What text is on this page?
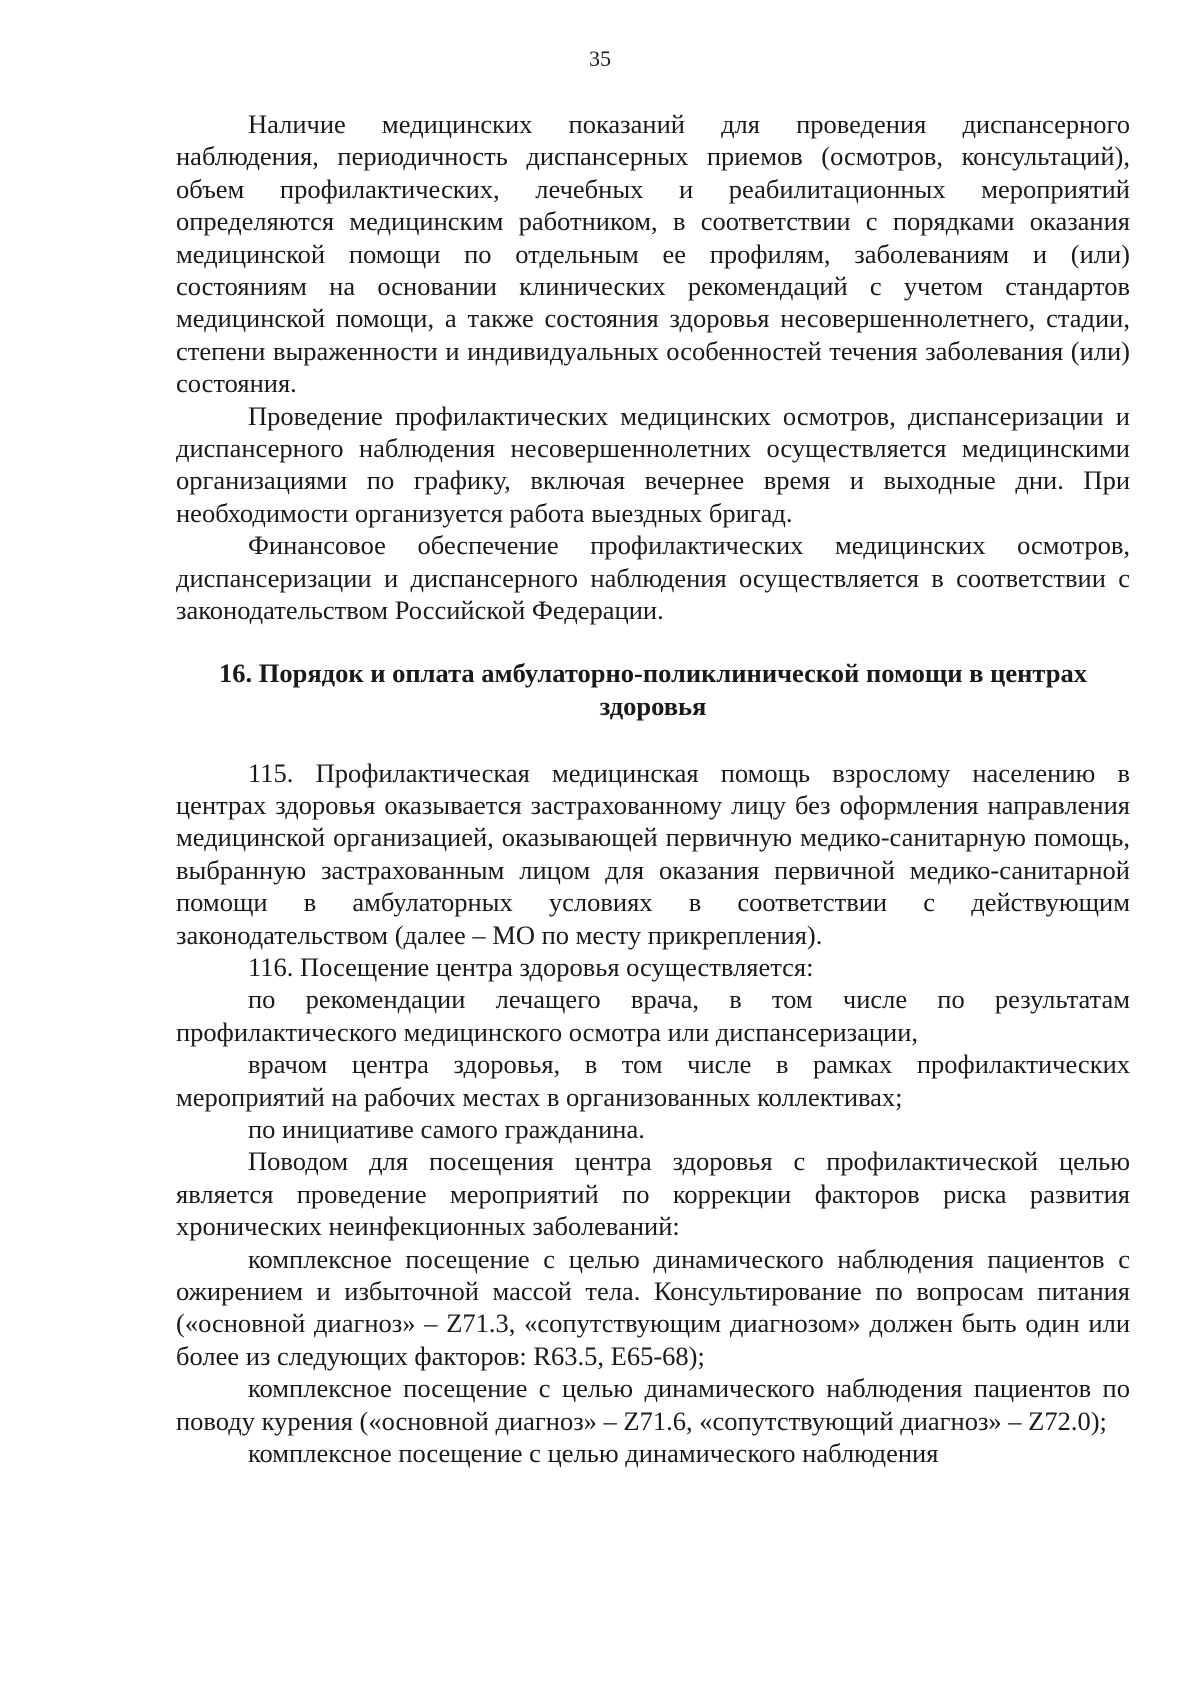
35

Наличие медицинских показаний для проведения диспансерного наблюдения, периодичность диспансерных приемов (осмотров, консультаций), объем профилактических, лечебных и реабилитационных мероприятий определяются медицинским работником, в соответствии с порядками оказания медицинской помощи по отдельным ее профилям, заболеваниям и (или) состояниям на основании клинических рекомендаций с учетом стандартов медицинской помощи, а также состояния здоровья несовершеннолетнего, стадии, степени выраженности и индивидуальных особенностей течения заболевания (или) состояния.

Проведение профилактических медицинских осмотров, диспансеризации и диспансерного наблюдения несовершеннолетних осуществляется медицинскими организациями по графику, включая вечернее время и выходные дни. При необходимости организуется работа выездных бригад.

Финансовое обеспечение профилактических медицинских осмотров, диспансеризации и диспансерного наблюдения осуществляется в соответствии с законодательством Российской Федерации.

16. Порядок и оплата амбулаторно-поликлинической помощи в центрах
здоровья

115. Профилактическая медицинская помощь взрослому населению в центрах здоровья оказывается застрахованному лицу без оформления направления медицинской организацией, оказывающей первичную медико-санитарную помощь, выбранную застрахованным лицом для оказания первичной медико-санитарной помощи в амбулаторных условиях в соответствии с действующим законодательством (далее – МО по месту прикрепления).

116. Посещение центра здоровья осуществляется:

по рекомендации лечащего врача, в том числе по результатам профилактического медицинского осмотра или диспансеризации,

врачом центра здоровья, в том числе в рамках профилактических мероприятий на рабочих местах в организованных коллективах;

по инициативе самого гражданина.

Поводом для посещения центра здоровья с профилактической целью является проведение мероприятий по коррекции факторов риска развития хронических неинфекционных заболеваний:

комплексное посещение с целью динамического наблюдения пациентов с ожирением и избыточной массой тела. Консультирование по вопросам питания («основной диагноз» – Z71.3, «сопутствующим диагнозом» должен быть один или более из следующих факторов: R63.5, E65-68);

комплексное посещение с целью динамического наблюдения пациентов по поводу курения («основной диагноз» – Z71.6, «сопутствующий диагноз» – Z72.0);

комплексное посещение с целью динамического наблюдения
